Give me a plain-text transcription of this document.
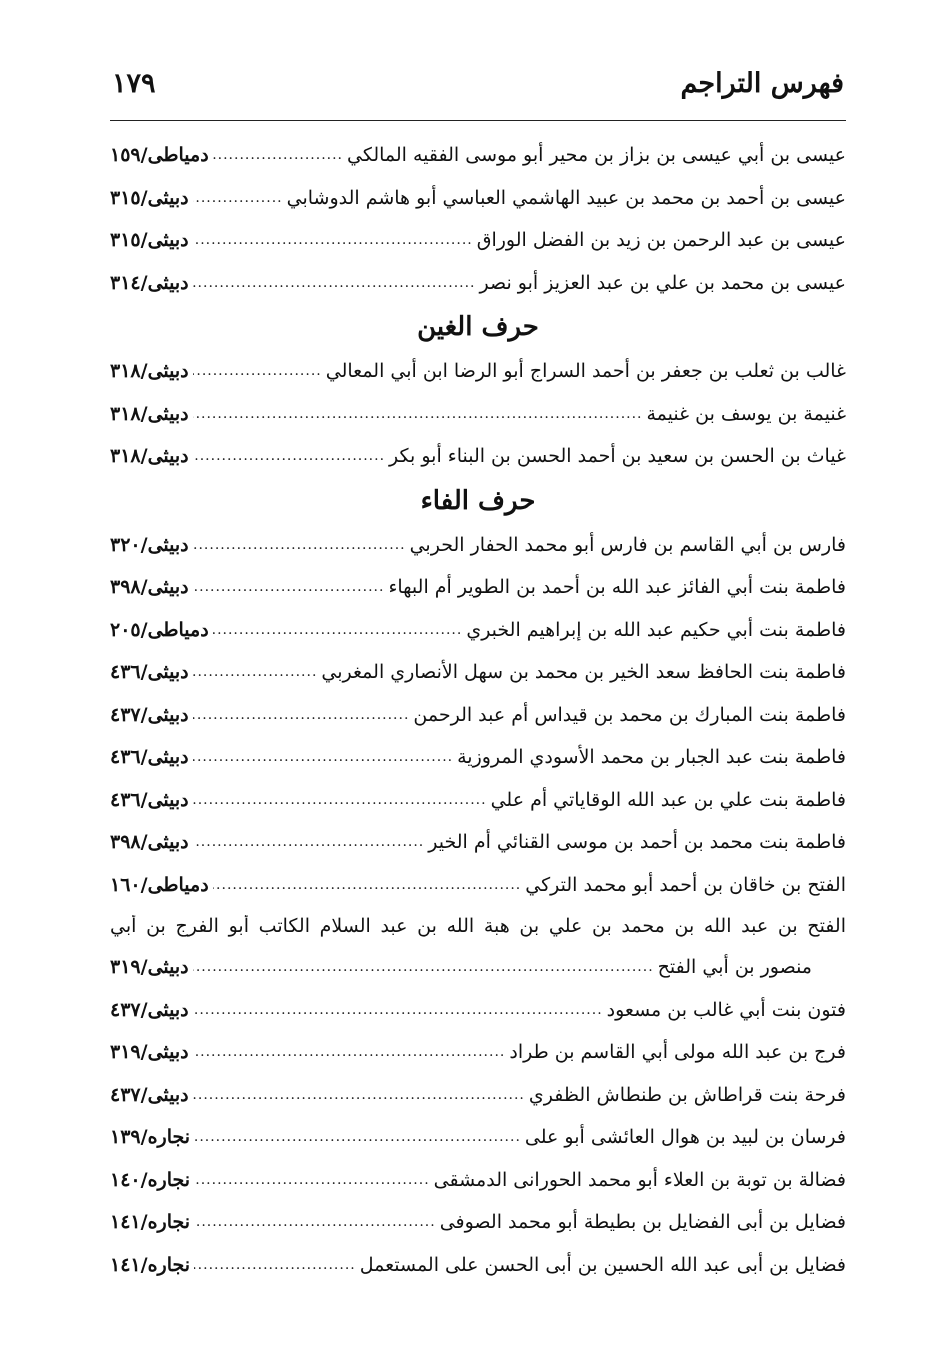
فهرس التراجم
١٧٩
عيسى بن أبي عيسى بن بزاز بن محير أبو موسى الفقيه المالكي
.....
دمياطى/١٥٩
عيسى بن أحمد بن محمد بن عبيد الهاشمي العباسي أبو هاشم الدوشابي
.....
دبيثى/٣١٥
عيسى بن عبد الرحمن بن زيد بن الفضل الوراق
.....
دبيثى/٣١٥
عيسى بن محمد بن علي بن عبد العزيز أبو نصر
.....
دبيثى/٣١٤
حرف الغين
غالب بن ثعلب بن جعفر بن أحمد السراج أبو الرضا ابن أبي المعالي
.....
دبيثى/٣١٨
غنيمة بن يوسف بن غنيمة
.....
دبيثى/٣١٨
غياث بن الحسن بن سعيد بن أحمد الحسن بن البناء أبو بكر
.....
دبيثى/٣١٨
حرف الفاء
فارس بن أبي القاسم بن فارس أبو محمد الحفار الحربي
.....
دبيثى/٣٢٠
فاطمة بنت أبي الفائز عبد الله بن أحمد بن الطوير أم البهاء
.....
دبيثى/٣٩٨
فاطمة بنت أبي حكيم عبد الله بن إبراهيم الخبري
.....
دمياطى/٢٠٥
فاطمة بنت الحافظ سعد الخير بن محمد بن سهل الأنصاري المغربي
.....
دبيثى/٤٣٦
فاطمة بنت المبارك بن محمد بن قيداس أم عبد الرحمن
.....
دبيثى/٤٣٧
فاطمة بنت عبد الجبار بن محمد الأسودي المروزية
.....
دبيثى/٤٣٦
فاطمة بنت علي بن عبد الله الوقاياتي أم علي
.....
دبيثى/٤٣٦
فاطمة بنت محمد بن أحمد بن موسى القنائي أم الخير
.....
دبيثى/٣٩٨
الفتح بن خاقان بن أحمد أبو محمد التركي
.....
دمياطى/١٦٠
الفتح بن عبد الله بن محمد بن علي بن هبة الله بن عبد السلام الكاتب أبو الفرج بن أبي
منصور بن أبي الفتح
.....
دبيثى/٣١٩
فتون بنت أبي غالب بن مسعود
.....
دبيثى/٤٣٧
فرج بن عبد الله مولى أبي القاسم بن طراد
.....
دبيثى/٣١٩
فرحة بنت قراطاش بن طنطاش الظفري
.....
دبيثى/٤٣٧
فرسان بن لبيد بن هوال العائشى أبو على
.....
نجاره/١٣٩
فضالة بن توبة بن العلاء أبو محمد الحورانى الدمشقى
.....
نجاره/١٤٠
فضايل بن أبى الفضايل بن بطيطة أبو محمد الصوفى
.....
نجاره/١٤١
فضايل بن أبى عبد الله الحسين بن أبى الحسن على المستعمل
.....
نجاره/١٤١
